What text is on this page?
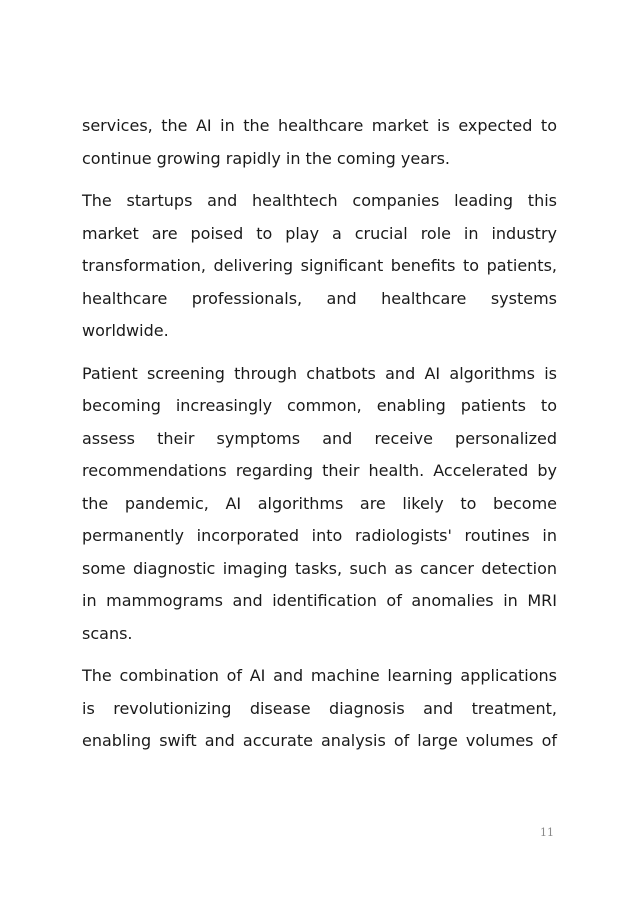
services, the AI in the healthcare market is expected to
continue growing rapidly in the coming years.

The startups and healthtech companies leading this
market are poised to play a crucial role in industry
transformation, delivering significant benefits to patients,
healthcare professionals, and healthcare systems
worldwide.

Patient screening through chatbots and AI algorithms is
becoming increasingly common, enabling patients to
assess their symptoms and receive personalized
recommendations regarding their health. Accelerated by
the pandemic, AI algorithms are likely to become
permanently incorporated into radiologists' routines in
some diagnostic imaging tasks, such as cancer detection
in mammograms and identification of anomalies in MRI
scans.

The combination of AI and machine learning applications
is revolutionizing disease diagnosis and treatment,
enabling swift and accurate analysis of large volumes of

11
